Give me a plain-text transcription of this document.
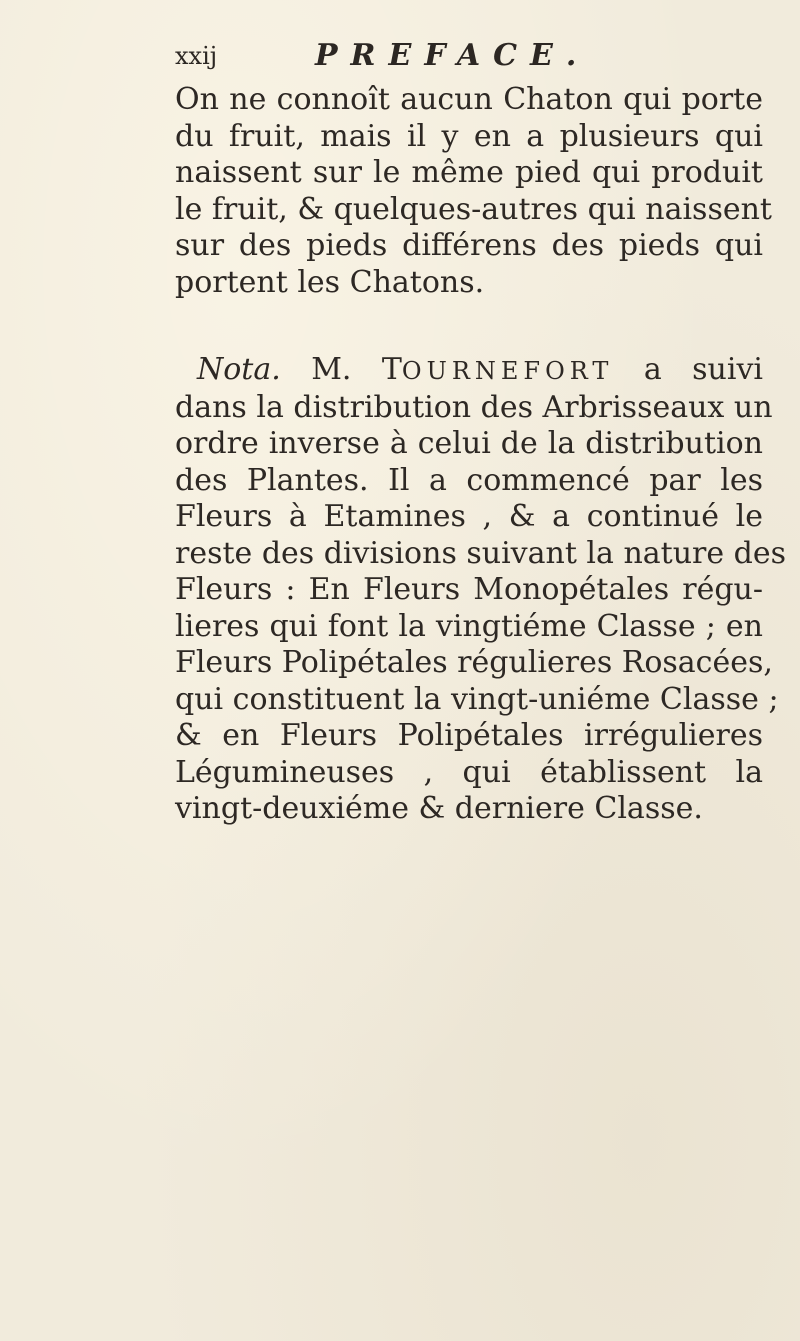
xxij	PREFACE.

On ne connoît aucun Chaton qui porte
du fruit, mais il y en a plusieurs qui
naissent sur le même pied qui produit
le fruit, & quelques-autres qui naissent
sur des pieds différens des pieds qui
portent les Chatons.

Nota. M. TOURNEFORT a suivi
dans la distribution des Arbrisseaux un
ordre inverse à celui de la distribution
des Plantes. Il a commencé par les
Fleurs à Etamines , & a continué le
reste des divisions suivant la nature des
Fleurs : En Fleurs Monopétales régu-
lieres qui font la vingtiéme Classe ; en
Fleurs Polipétales régulieres Rosacées,
qui constituent la vingt-uniéme Classe ;
& en Fleurs Polipétales irrégulieres
Légumineuses , qui établissent la
vingt-deuxiéme & derniere Classe.
